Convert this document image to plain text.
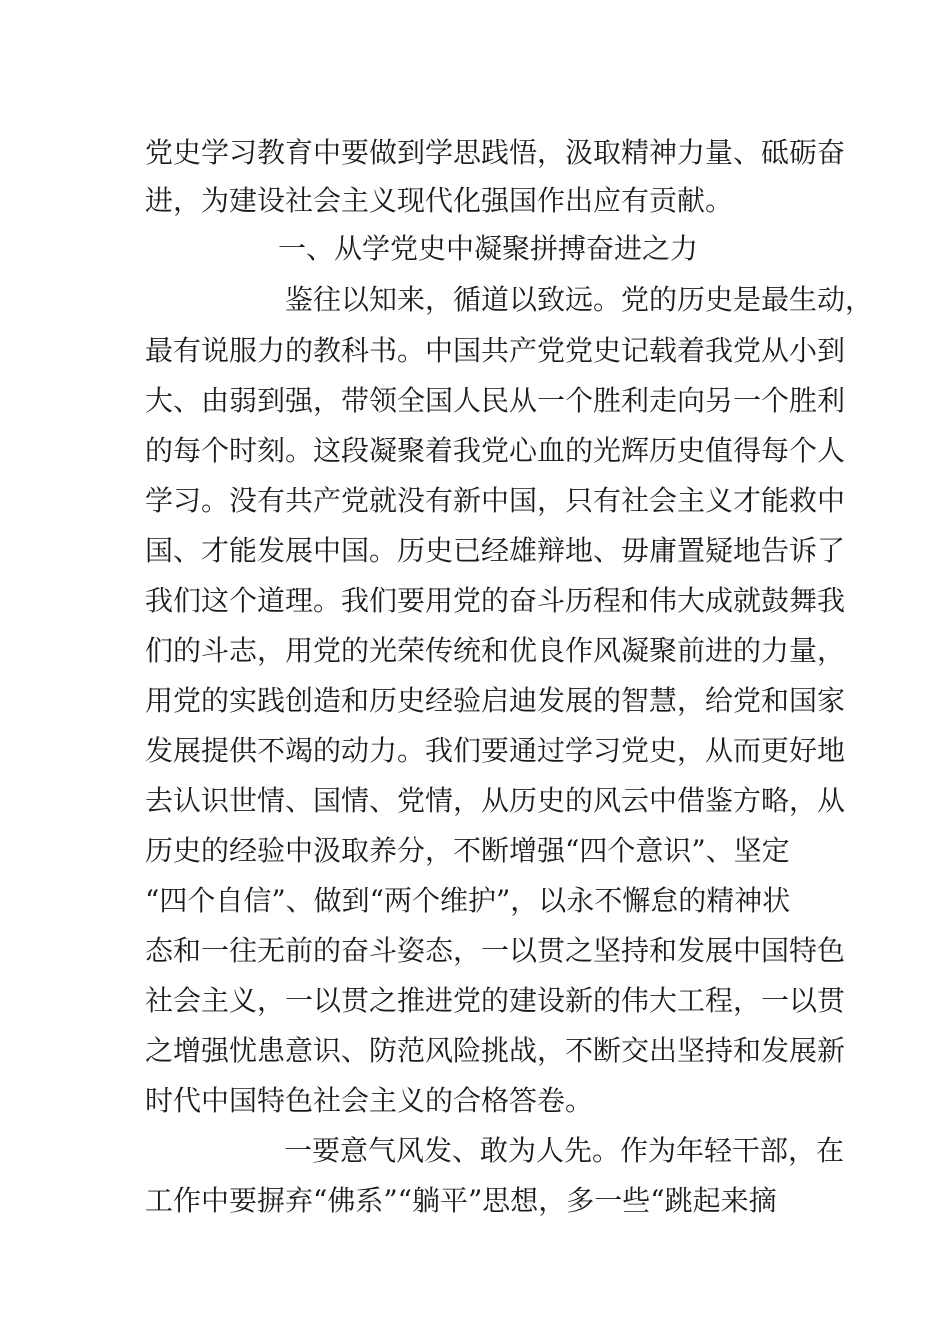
党史学习教育中要做到学思践悟，汲取精神力量、砥砺奋
进，为建设社会主义现代化强国作出应有贡献。
一、从学党史中凝聚拼搏奋进之力
鉴往以知来，循道以致远。党的历史是最生动，
最有说服力的教科书。中国共产党党史记载着我党从小到
大、由弱到强，带领全国人民从一个胜利走向另一个胜利
的每个时刻。这段凝聚着我党心血的光辉历史值得每个人
学习。没有共产党就没有新中国，只有社会主义才能救中
国、才能发展中国。历史已经雄辩地、毋庸置疑地告诉了
我们这个道理。我们要用党的奋斗历程和伟大成就鼓舞我
们的斗志，用党的光荣传统和优良作风凝聚前进的力量，
用党的实践创造和历史经验启迪发展的智慧，给党和国家
发展提供不竭的动力。我们要通过学习党史，从而更好地
去认识世情、国情、党情，从历史的风云中借鉴方略，从
历史的经验中汲取养分，不断增强“四个意识”、坚定
“四个自信”、做到“两个维护”，以永不懈怠的精神状
态和一往无前的奋斗姿态，一以贯之坚持和发展中国特色
社会主义，一以贯之推进党的建设新的伟大工程，一以贯
之增强忧患意识、防范风险挑战，不断交出坚持和发展新
时代中国特色社会主义的合格答卷。
一要意气风发、敢为人先。作为年轻干部，在
工作中要摒弃“佛系”“躺平”思想，多一些“跳起来摘
